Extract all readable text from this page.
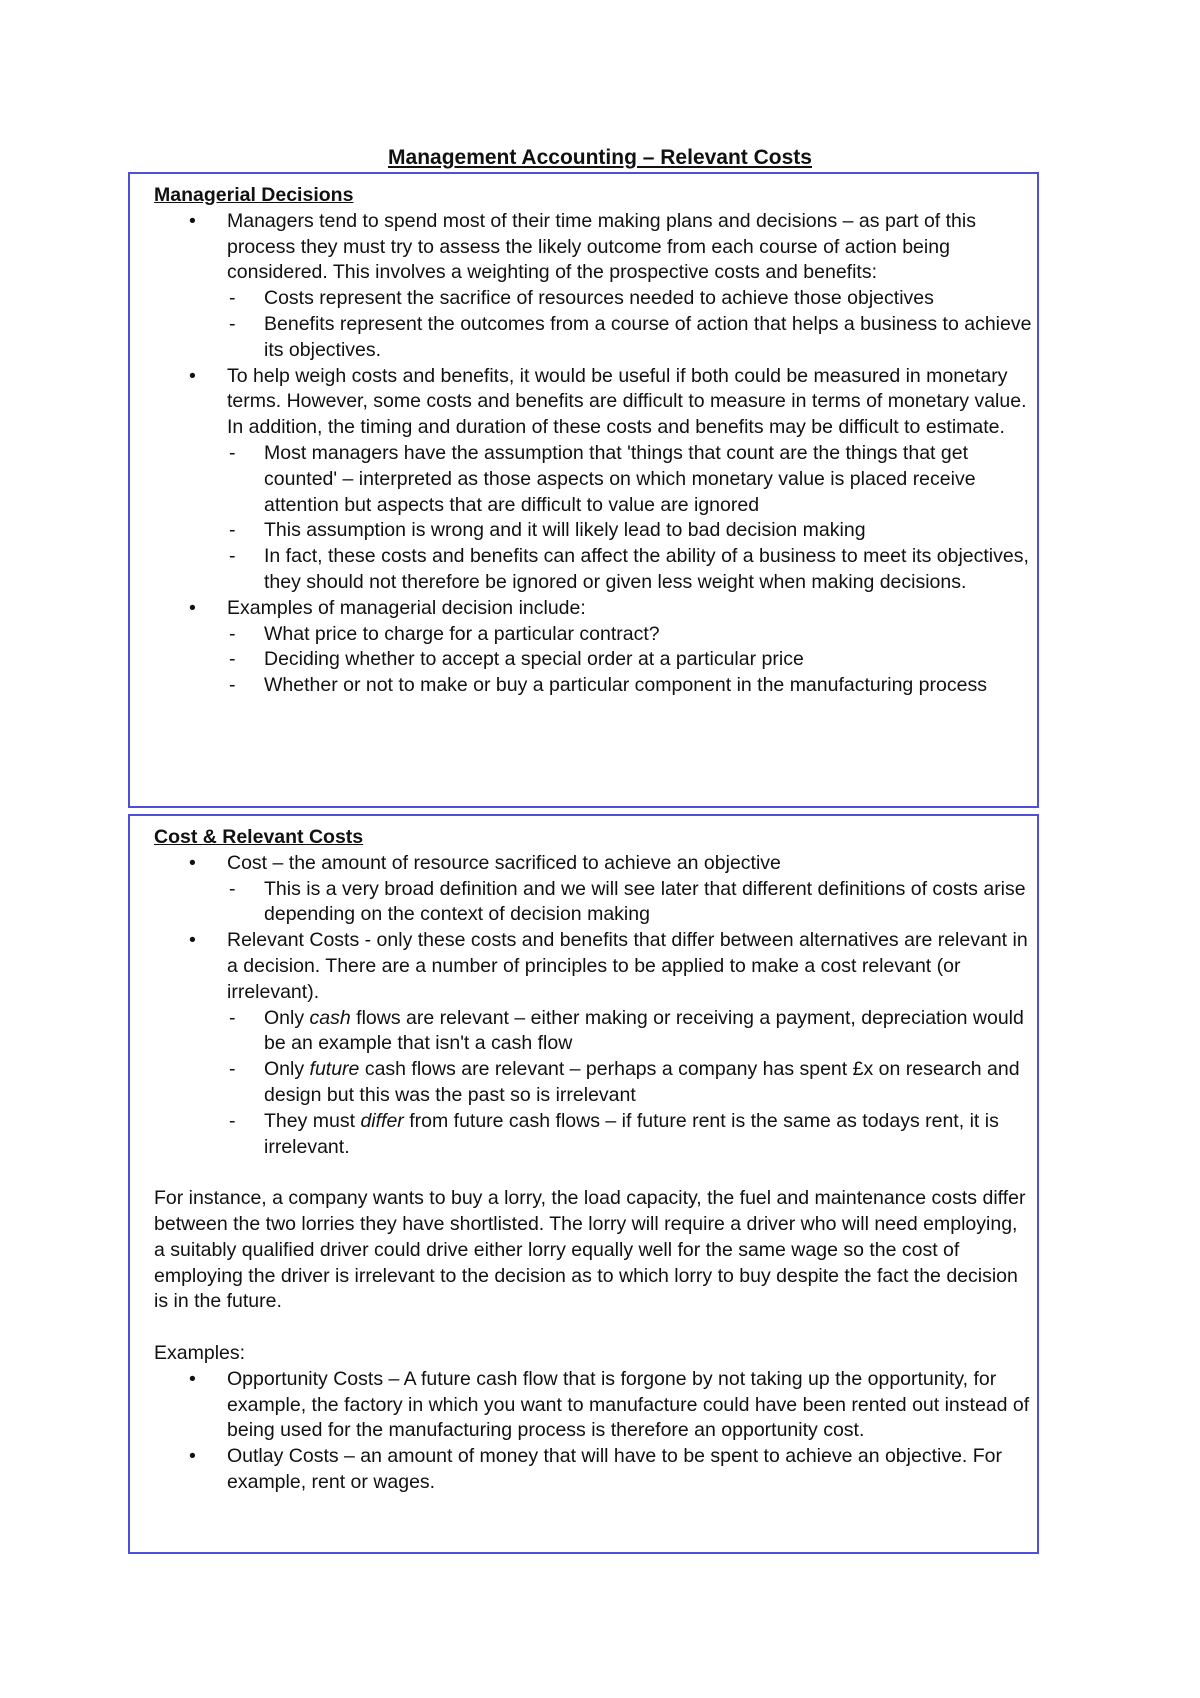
Management Accounting – Relevant Costs
Managerial Decisions
• Managers tend to spend most of their time making plans and decisions – as part of this process they must try to assess the likely outcome from each course of action being considered. This involves a weighting of the prospective costs and benefits:
- Costs represent the sacrifice of resources needed to achieve those objectives
- Benefits represent the outcomes from a course of action that helps a business to achieve its objectives.
• To help weigh costs and benefits, it would be useful if both could be measured in monetary terms. However, some costs and benefits are difficult to measure in terms of monetary value. In addition, the timing and duration of these costs and benefits may be difficult to estimate.
- Most managers have the assumption that 'things that count are the things that get counted' – interpreted as those aspects on which monetary value is placed receive attention but aspects that are difficult to value are ignored
- This assumption is wrong and it will likely lead to bad decision making
- In fact, these costs and benefits can affect the ability of a business to meet its objectives, they should not therefore be ignored or given less weight when making decisions.
• Examples of managerial decision include:
- What price to charge for a particular contract?
- Deciding whether to accept a special order at a particular price
- Whether or not to make or buy a particular component in the manufacturing process
Cost & Relevant Costs
• Cost – the amount of resource sacrificed to achieve an objective
- This is a very broad definition and we will see later that different definitions of costs arise depending on the context of decision making
• Relevant Costs - only these costs and benefits that differ between alternatives are relevant in a decision. There are a number of principles to be applied to make a cost relevant (or irrelevant).
- Only cash flows are relevant – either making or receiving a payment, depreciation would be an example that isn't a cash flow
- Only future cash flows are relevant – perhaps a company has spent £x on research and design but this was the past so is irrelevant
- They must differ from future cash flows – if future rent is the same as todays rent, it is irrelevant.
For instance, a company wants to buy a lorry, the load capacity, the fuel and maintenance costs differ between the two lorries they have shortlisted. The lorry will require a driver who will need employing, a suitably qualified driver could drive either lorry equally well for the same wage so the cost of employing the driver is irrelevant to the decision as to which lorry to buy despite the fact the decision is in the future.
Examples:
• Opportunity Costs – A future cash flow that is forgone by not taking up the opportunity, for example, the factory in which you want to manufacture could have been rented out instead of being used for the manufacturing process is therefore an opportunity cost.
• Outlay Costs – an amount of money that will have to be spent to achieve an objective. For example, rent or wages.
